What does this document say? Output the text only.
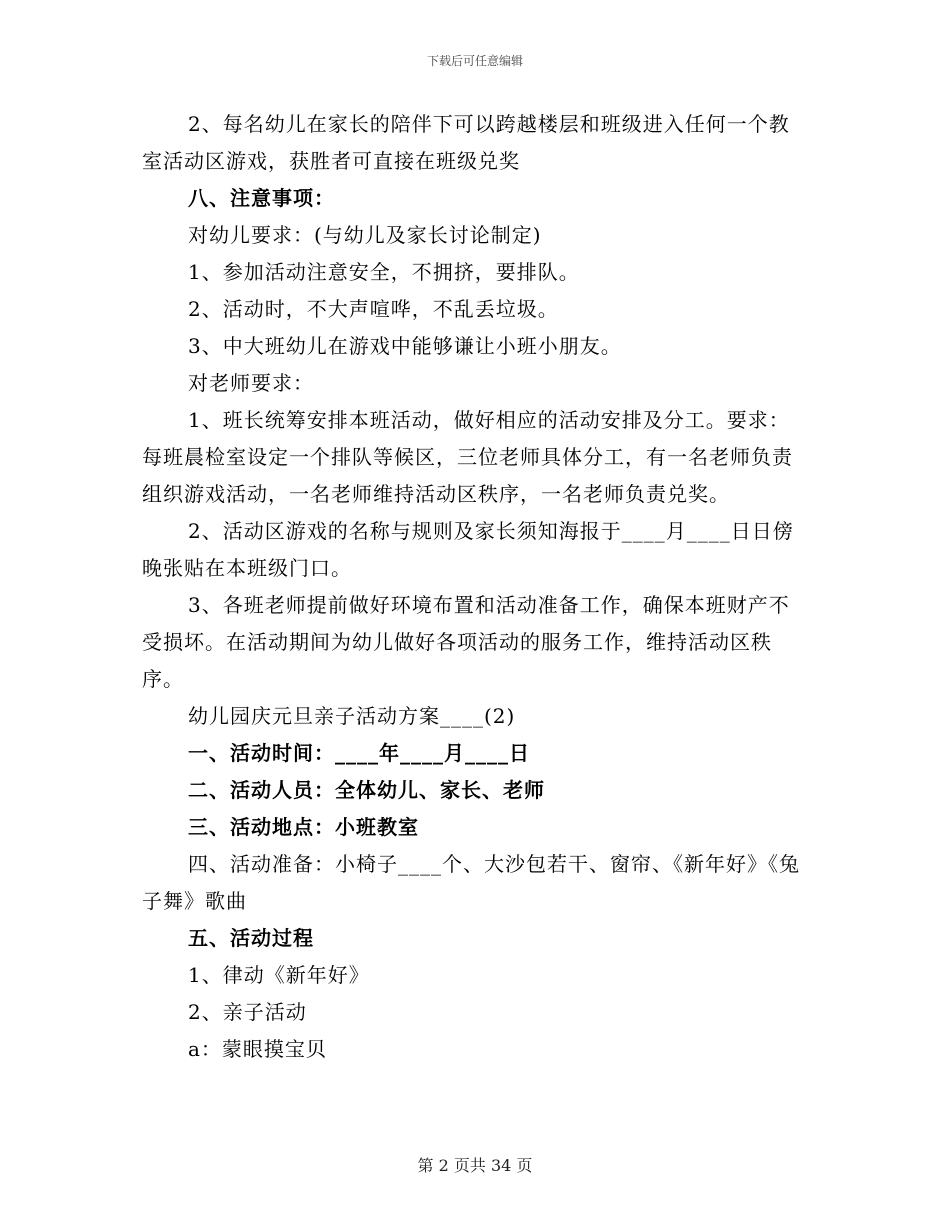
下载后可任意编辑

2、每名幼儿在家长的陪伴下可以跨越楼层和班级进入任何一个教室活动区游戏，获胜者可直接在班级兑奖

八、注意事项：

对幼儿要求：(与幼儿及家长讨论制定)

1、参加活动注意安全，不拥挤，要排队。

2、活动时，不大声喧哗，不乱丢垃圾。

3、中大班幼儿在游戏中能够谦让小班小朋友。

对老师要求：

1、班长统筹安排本班活动，做好相应的活动安排及分工。要求：每班晨检室设定一个排队等候区，三位老师具体分工，有一名老师负责组织游戏活动，一名老师维持活动区秩序，一名老师负责兑奖。

2、活动区游戏的名称与规则及家长须知海报于____月____日日傍晚张贴在本班级门口。

3、各班老师提前做好环境布置和活动准备工作，确保本班财产不受损坏。在活动期间为幼儿做好各项活动的服务工作，维持活动区秩序。

幼儿园庆元旦亲子活动方案____(2)

一、活动时间：____年____月____日

二、活动人员：全体幼儿、家长、老师

三、活动地点：小班教室

四、活动准备：小椅子____个、大沙包若干、窗帘、《新年好》《兔子舞》歌曲

五、活动过程

1、律动《新年好》

2、亲子活动

a：蒙眼摸宝贝

第 2 页共 34 页
